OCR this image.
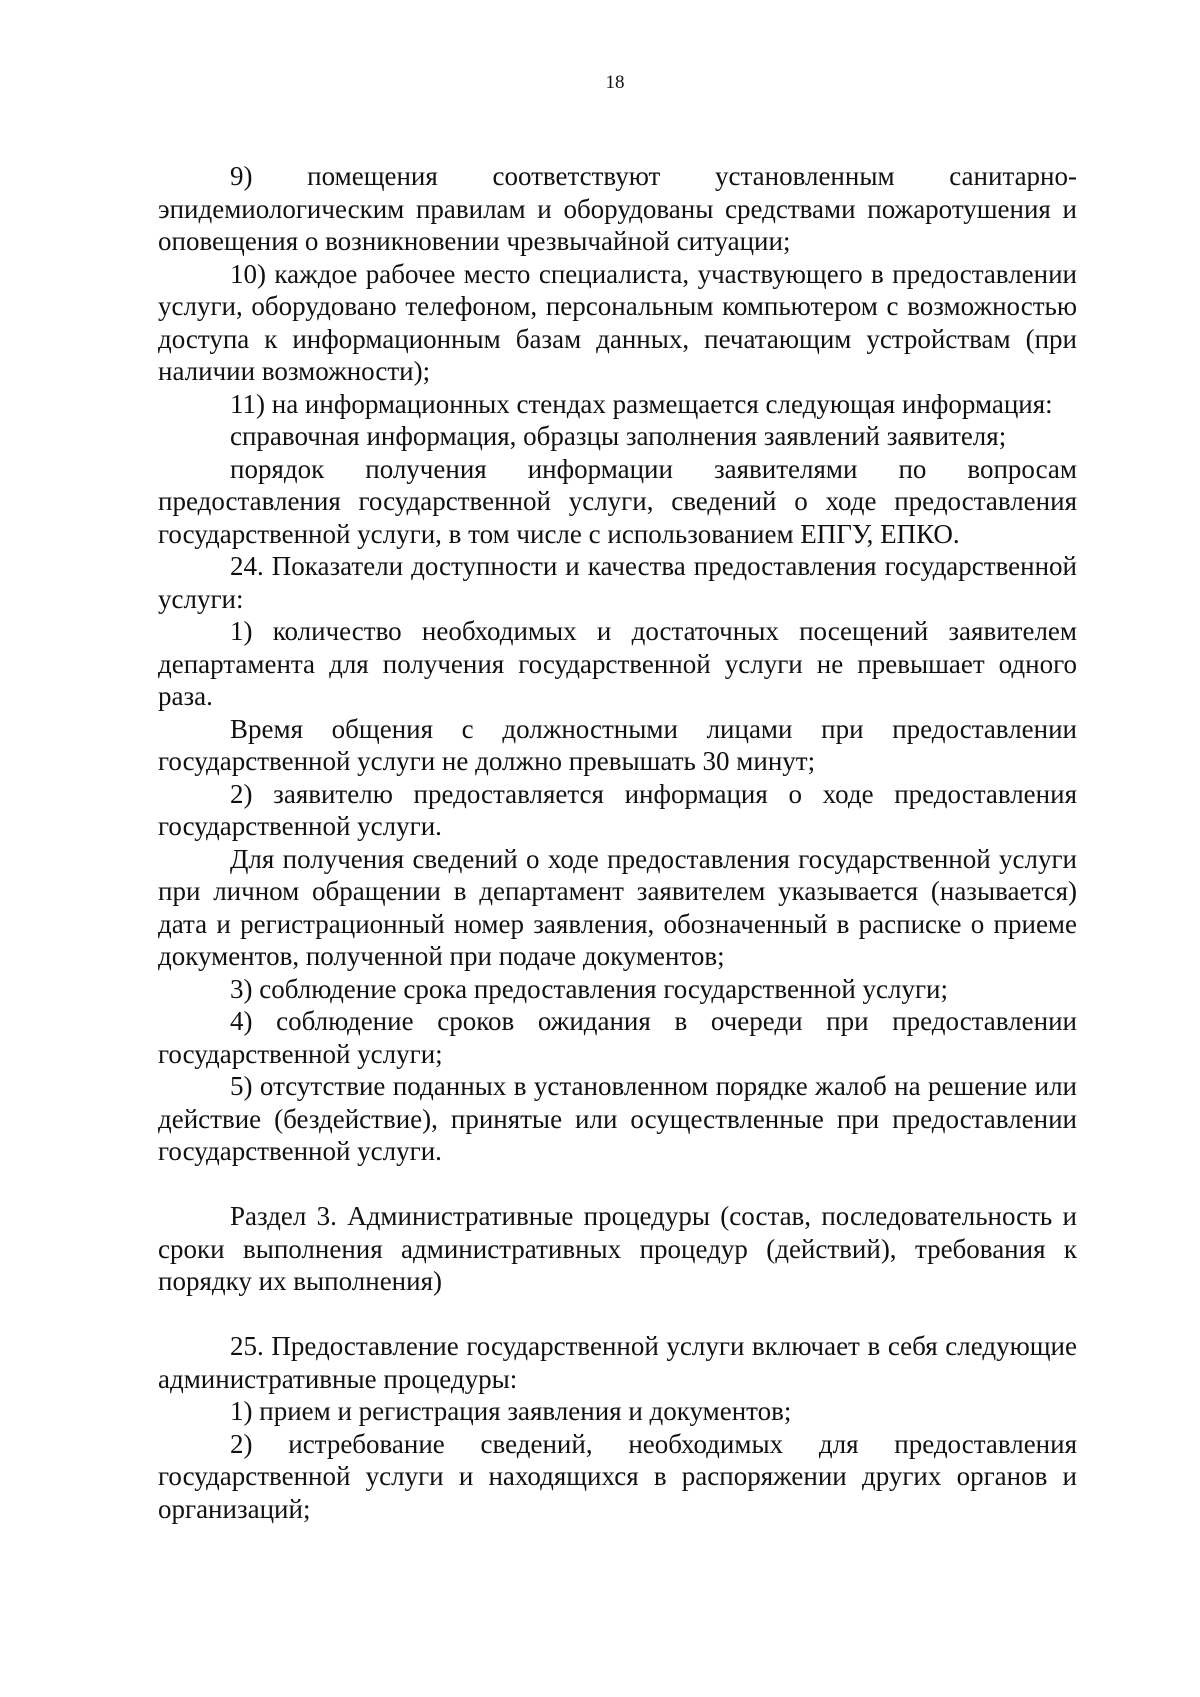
18

9) помещения соответствуют установленным санитарно-эпидемиологическим правилам и оборудованы средствами пожаротушения и оповещения о возникновении чрезвычайной ситуации;

10) каждое рабочее место специалиста, участвующего в предоставлении услуги, оборудовано телефоном, персональным компьютером с возможностью доступа к информационным базам данных, печатающим устройствам (при наличии возможности);

11) на информационных стендах размещается следующая информация:

справочная информация, образцы заполнения заявлений заявителя;

порядок получения информации заявителями по вопросам предоставления государственной услуги, сведений о ходе предоставления государственной услуги, в том числе с использованием ЕПГУ, ЕПКО.

24. Показатели доступности и качества предоставления государственной услуги:

1) количество необходимых и достаточных посещений заявителем департамента для получения государственной услуги не превышает одного раза.

Время общения с должностными лицами при предоставлении государственной услуги не должно превышать 30 минут;

2) заявителю предоставляется информация о ходе предоставления государственной услуги.

Для получения сведений о ходе предоставления государственной услуги при личном обращении в департамент заявителем указывается (называется) дата и регистрационный номер заявления, обозначенный в расписке о приеме документов, полученной при подаче документов;

3) соблюдение срока предоставления государственной услуги;

4) соблюдение сроков ожидания в очереди при предоставлении государственной услуги;

5) отсутствие поданных в установленном порядке жалоб на решение или действие (бездействие), принятые или осуществленные при предоставлении государственной услуги.

Раздел 3. Административные процедуры (состав, последовательность и сроки выполнения административных процедур (действий), требования к порядку их выполнения)

25. Предоставление государственной услуги включает в себя следующие административные процедуры:

1) прием и регистрация заявления и документов;

2) истребование сведений, необходимых для предоставления государственной услуги и находящихся в распоряжении других органов и организаций;
